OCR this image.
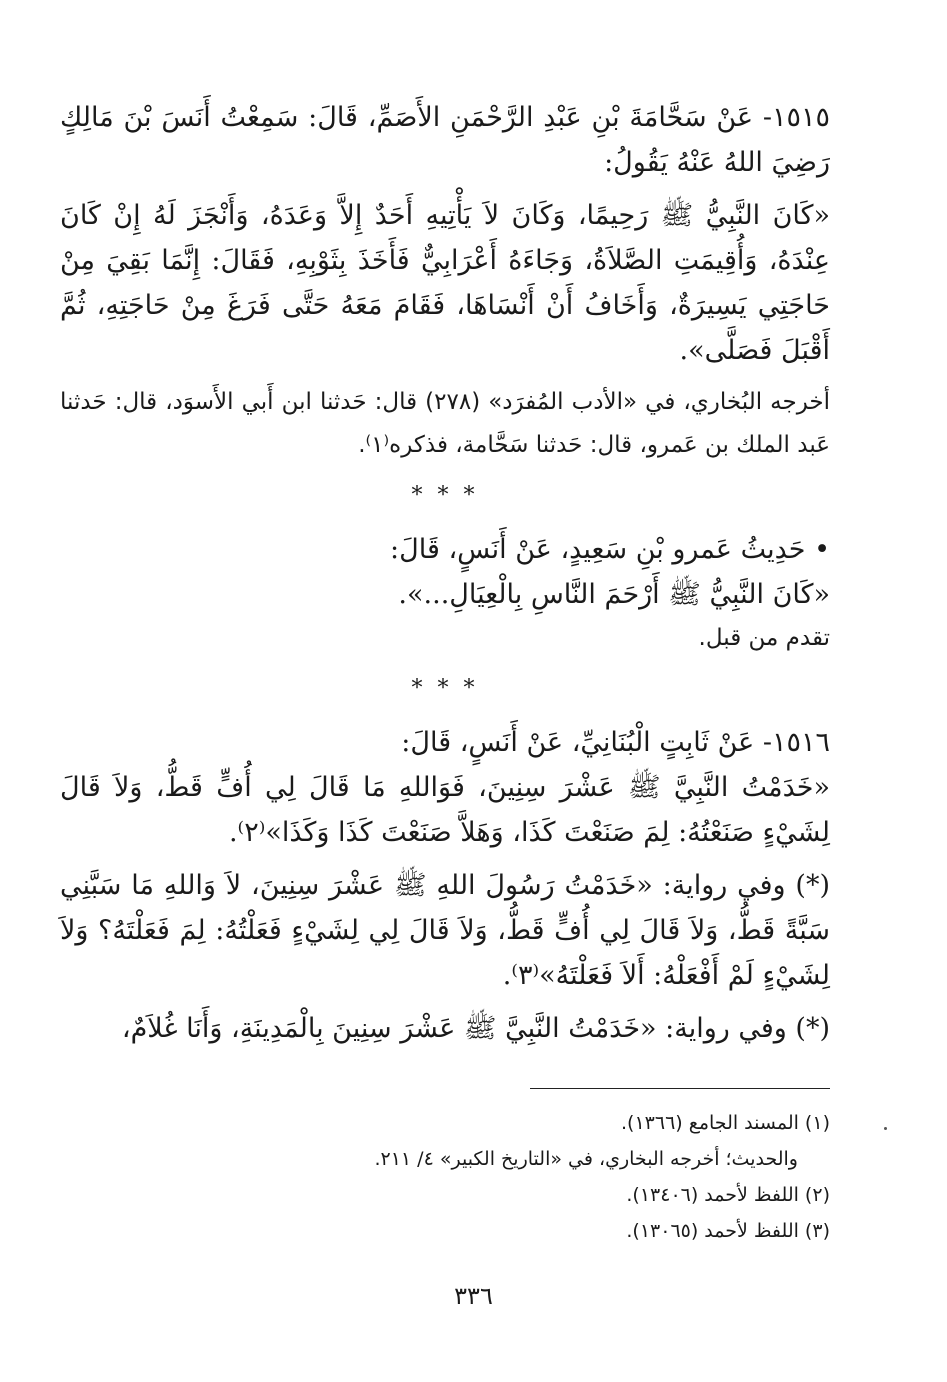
١٥١٥- عَنْ سَحَّامَةَ بْنِ عَبْدِ الرَّحْمَنِ الأَصَمِّ، قَالَ: سَمِعْتُ أَنَسَ بْنَ مَالِكٍ رَضِيَ اللهُ عَنْهُ يَقُولُ:

«كَانَ النَّبِيُّ ﷺ رَحِيمًا، وَكَانَ لاَ يَأْتِيهِ أَحَدٌ إِلاَّ وَعَدَهُ، وَأَنْجَزَ لَهُ إِنْ كَانَ عِنْدَهُ، وَأُقِيمَتِ الصَّلاَةُ، وَجَاءَهُ أَعْرَابِيٌّ فَأَخَذَ بِثَوْبِهِ، فَقَالَ: إِنَّمَا بَقِيَ مِنْ حَاجَتِي يَسِيرَةٌ، وَأَخَافُ أَنْ أَنْسَاهَا، فَقَامَ مَعَهُ حَتَّى فَرَغَ مِنْ حَاجَتِهِ، ثُمَّ أَقْبَلَ فَصَلَّى».

أخرجه البُخاري، في «الأدب المُفرَد» (٢٧٨) قال: حَدثنا ابن أَبي الأَسوَد، قال: حَدثنا عَبد الملك بن عَمرو، قال: حَدثنا سَحَّامة، فذكره⁽١⁾.

* * *
• حَدِيثُ عَمرو بْنِ سَعِيدٍ، عَنْ أَنَسٍ، قَالَ:
«كَانَ النَّبِيُّ ﷺ أَرْحَمَ النَّاسِ بِالْعِيَالِ...».

تقدم من قبل.

* * *

١٥١٦- عَنْ ثَابِتٍ الْبُنَانِيِّ، عَنْ أَنَسٍ، قَالَ:

«خَدَمْتُ النَّبِيَّ ﷺ عَشْرَ سِنِينَ، فَوَاللهِ مَا قَالَ لِي أُفٍّ قَطُّ، وَلاَ قَالَ لِشَيْءٍ صَنَعْتُهُ: لِمَ صَنَعْتَ كَذَا، وَهَلاَّ صَنَعْتَ كَذَا وَكَذَا»⁽٢⁾.

(*) وفي رواية: «خَدَمْتُ رَسُولَ اللهِ ﷺ عَشْرَ سِنِينَ، لاَ وَاللهِ مَا سَبَّنِي سَبَّةً قَطُّ، وَلاَ قَالَ لِي أُفٍّ قَطُّ، وَلاَ قَالَ لِي لِشَيْءٍ فَعَلْتُهُ: لِمَ فَعَلْتَهُ؟ وَلاَ لِشَيْءٍ لَمْ أَفْعَلْهُ: أَلاَ فَعَلْتَهُ»⁽٣⁾.

(*) وفي رواية: «خَدَمْتُ النَّبِيَّ ﷺ عَشْرَ سِنِينَ بِالْمَدِينَةِ، وَأَنَا غُلاَمٌ،

(١) المسند الجامع (١٣٦٦).
والحديث؛ أخرجه البخاري، في «التاريخ الكبير» ٤/ ٢١١.
(٢) اللفظ لأحمد (١٣٤٠٦).
(٣) اللفظ لأحمد (١٣٠٦٥).
٣٣٦
